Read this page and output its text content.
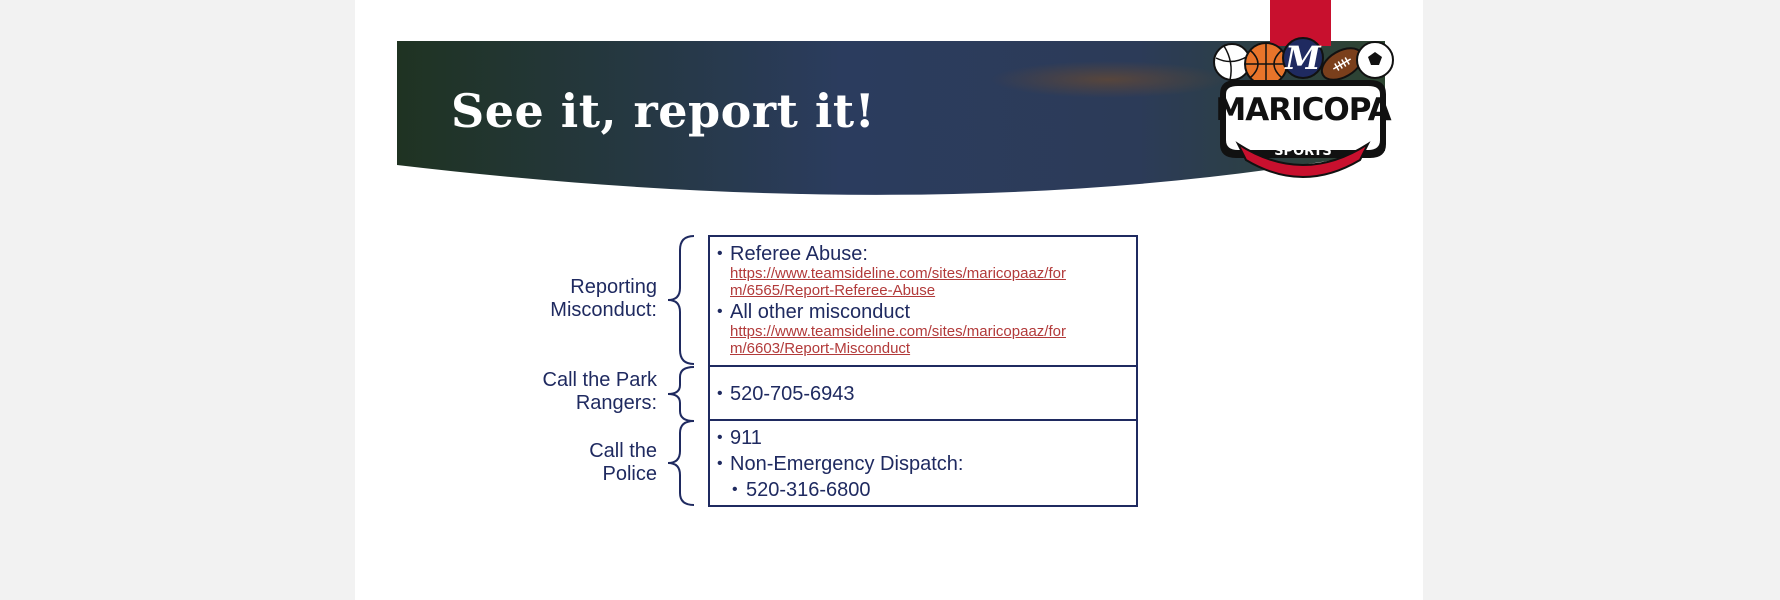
See it, report it!
M
MARICOPA
SPORTS
Reporting
Misconduct:
• Referee Abuse:
https://www.teamsideline.com/sites/maricopaaz/for
m/6565/Report-Referee-Abuse
• All other misconduct
https://www.teamsideline.com/sites/maricopaaz/for
m/6603/Report-Misconduct
Call the Park
Rangers:
•	520-705-6943
Call the
Police
• 911
• Non-Emergency Dispatch:
• 520-316-6800
